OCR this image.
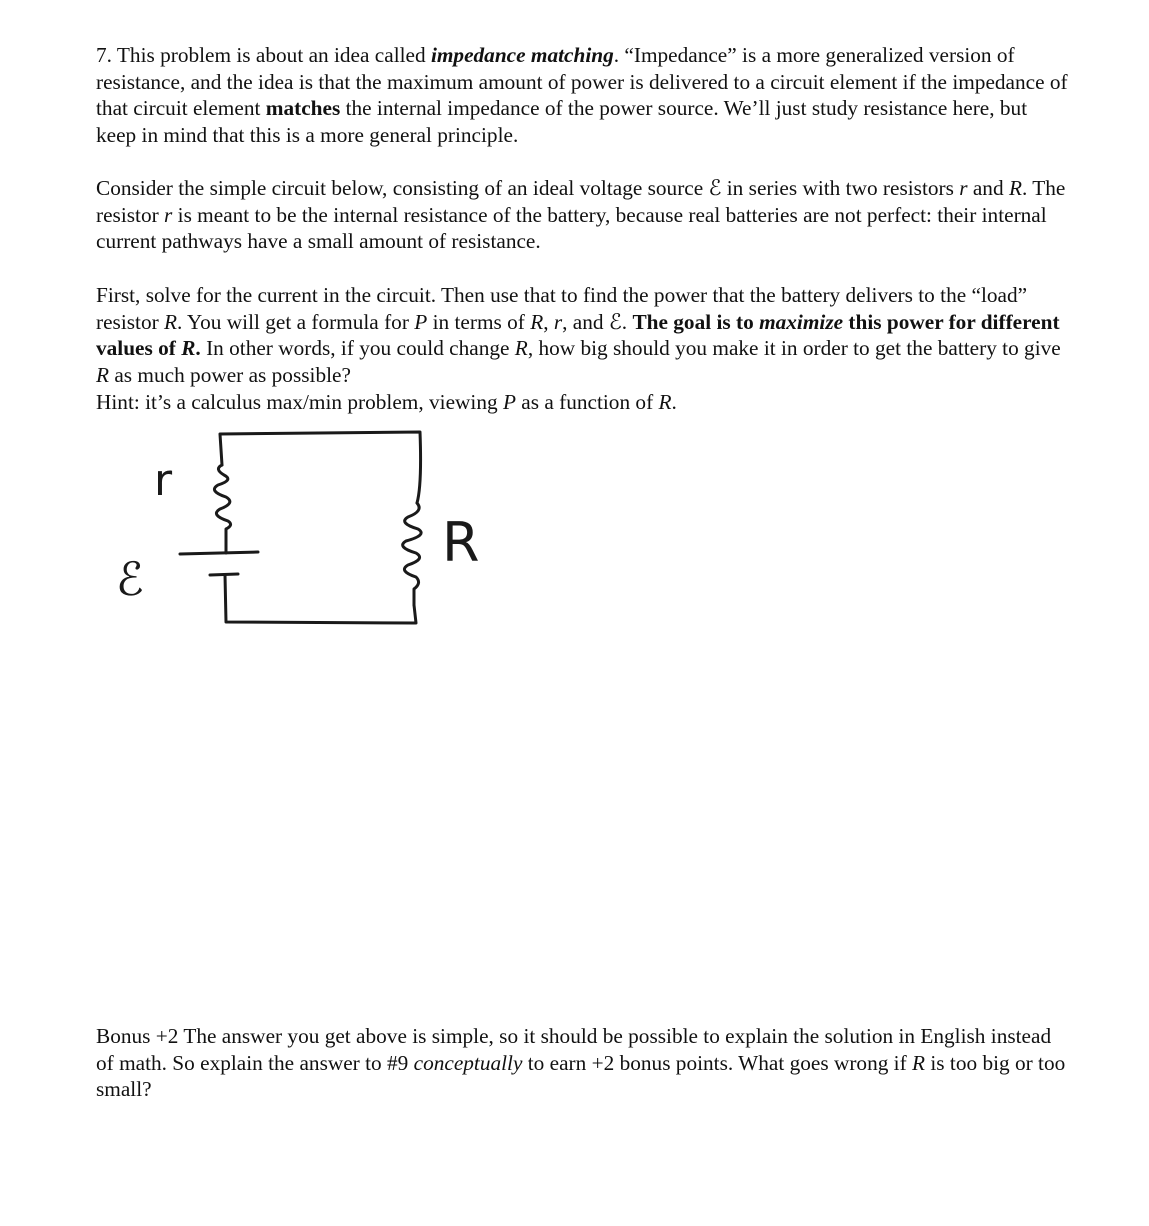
7. This problem is about an idea called impedance matching. “Impedance” is a more generalized version of resistance, and the idea is that the maximum amount of power is delivered to a circuit element if the impedance of that circuit element matches the internal impedance of the power source. We’ll just study resistance here, but keep in mind that this is a more general principle.

Consider the simple circuit below, consisting of an ideal voltage source ℰ in series with two resistors r and R. The resistor r is meant to be the internal resistance of the battery, because real batteries are not perfect: their internal current pathways have a small amount of resistance.

First, solve for the current in the circuit. Then use that to find the power that the battery delivers to the “load” resistor R. You will get a formula for P in terms of R, r, and ℰ. The goal is to maximize this power for different values of R. In other words, if you could change R, how big should you make it in order to get the battery to give R as much power as possible?
Hint: it’s a calculus max/min problem, viewing P as a function of R.

r
ℰ
R

Bonus +2 The answer you get above is simple, so it should be possible to explain the solution in English instead of math. So explain the answer to #9 conceptually to earn +2 bonus points. What goes wrong if R is too big or too small?
